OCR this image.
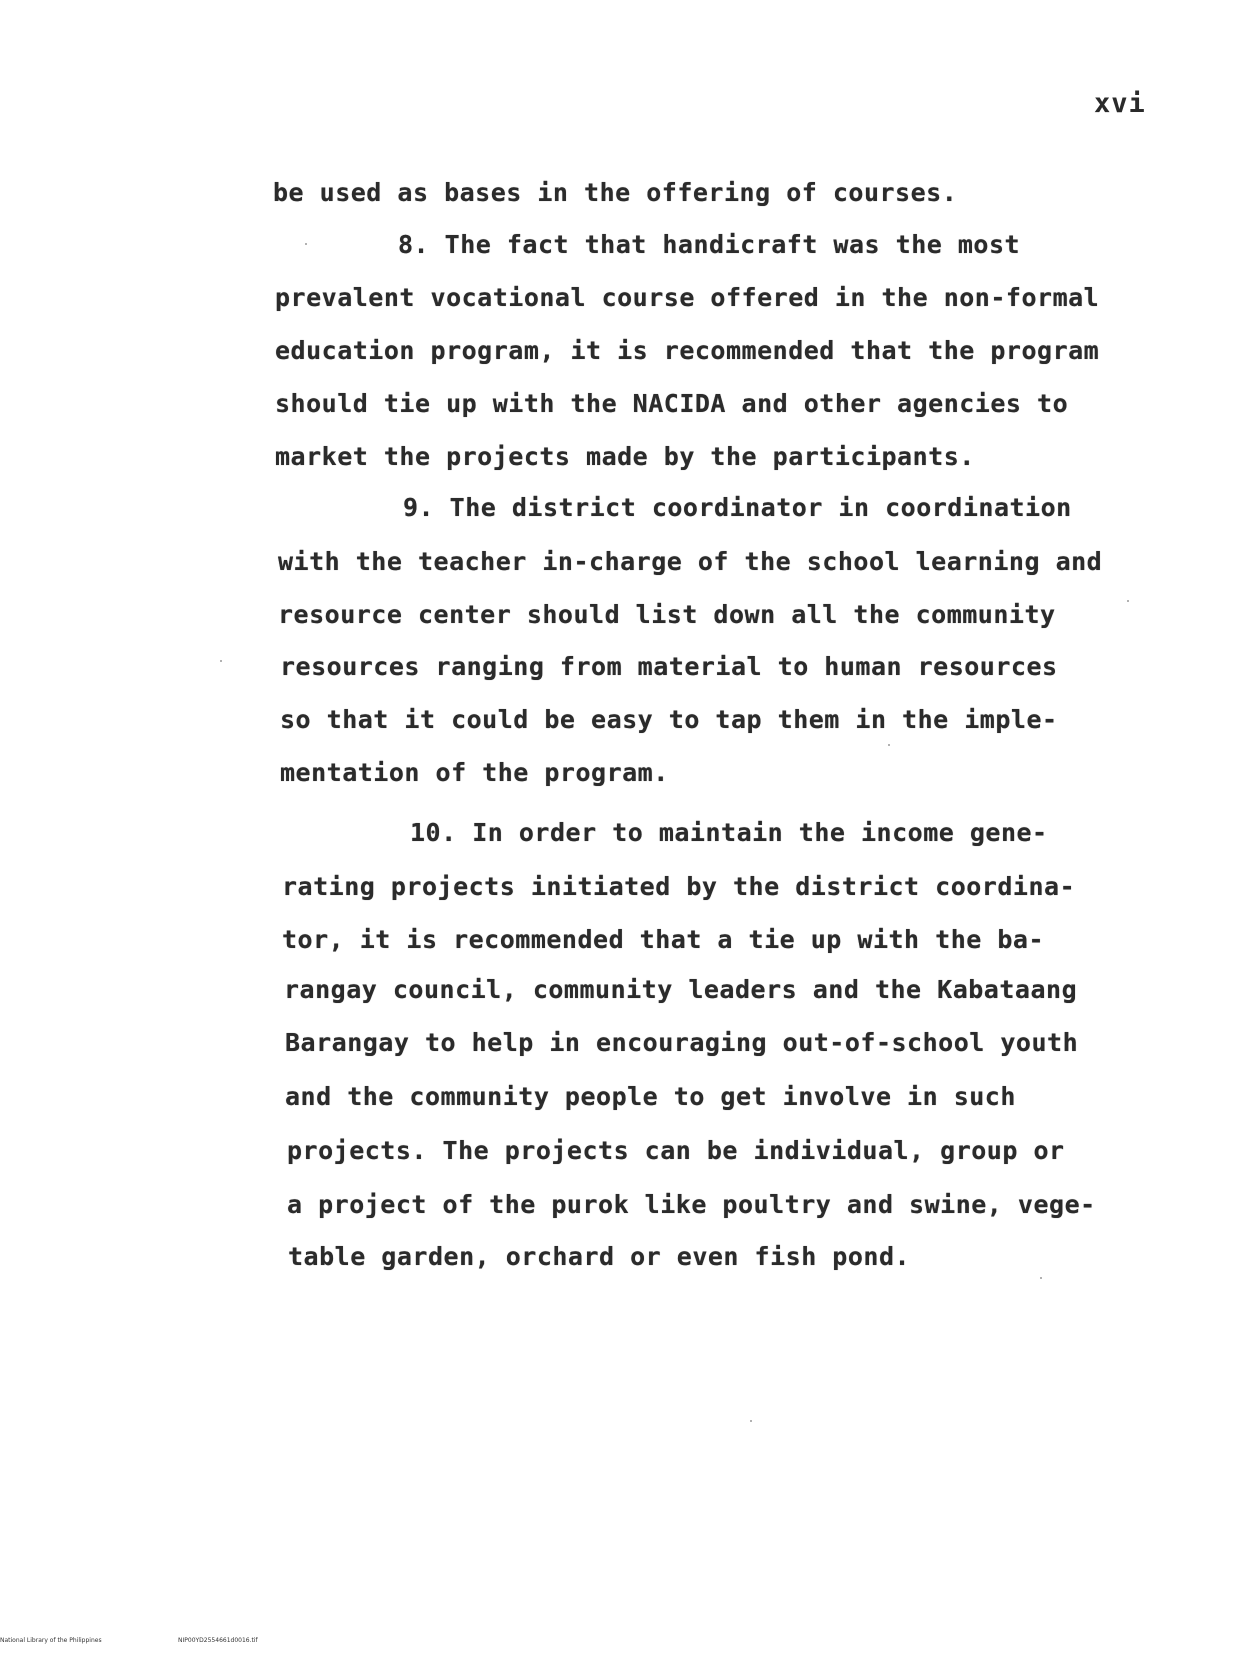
xvi
be used as bases in the offering of courses.
8. The fact that handicraft was the most
prevalent vocational course offered in the non-formal
education program, it is recommended that the program
should tie up with the NACIDA and other agencies to
market the projects made by the participants.
9. The district coordinator in coordination
with the teacher in-charge of the school learning and
resource center should list down all the community
resources ranging from material to human resources
so that it could be easy to tap them in the imple-
mentation of the program.
10. In order to maintain the income gene-
rating projects initiated by the district coordina-
tor, it is recommended that a tie up with the ba-
rangay council, community leaders and the Kabataang
Barangay to help in encouraging out-of-school youth
and the community people to get involve in such
projects. The projects can be individual, group or
a project of the purok like poultry and swine, vege-
table garden, orchard or even fish pond.
National Library of the Philippines	NIP00YD2554661d0016.tif
